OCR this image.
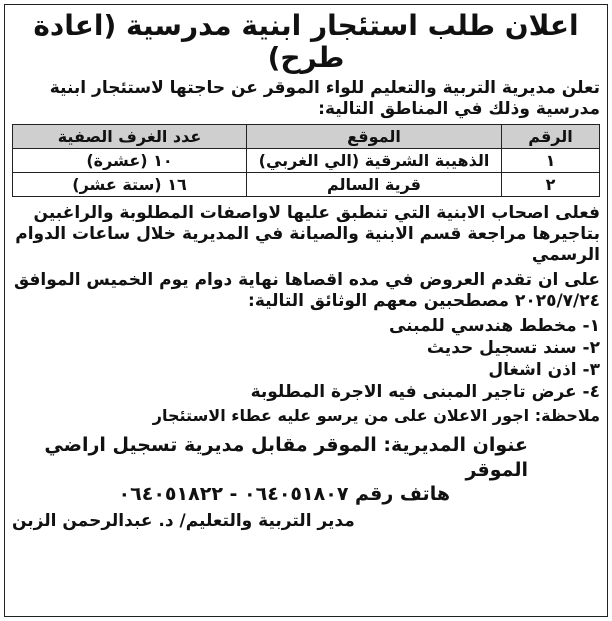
اعلان طلب استئجار ابنية مدرسية (اعادة طرح)

تعلن مديرية التربية والتعليم للواء الموقر عن حاجتها لاستئجار ابنية مدرسية وذلك في المناطق التالية:

الرقم	الموقع	عدد الغرف الصفية
١	الذهيبة الشرقية (الي الغربي)	١٠ (عشرة)
٢	قرية السالم	١٦ (ستة عشر)

فعلى اصحاب الابنية التي تنطبق عليها لاواصفات المطلوبة والراغبين بتاجيرها مراجعة قسم الابنية والصيانة في المديرية خلال ساعات الدوام الرسمي

على ان تقدم العروض في مده اقصاها نهاية دوام يوم الخميس الموافق ٢٠٢٥/٧/٢٤ مصطحبين معهم الوثائق التالية:

١- مخطط هندسي للمبنى

٢- سند تسجيل حديث

٣- اذن اشغال

٤- عرض تاجير المبنى فيه الاجرة المطلوبة

ملاحظة: اجور الاعلان على من يرسو عليه عطاء الاستئجار

عنوان المديرية: الموقر مقابل مديرية تسجيل اراضي الموقر

هاتف رقم ٠٦٤٠٥١٨٠٧ - ٠٦٤٠٥١٨٢٢

مدير التربية والتعليم/ د. عبدالرحمن الزبن
